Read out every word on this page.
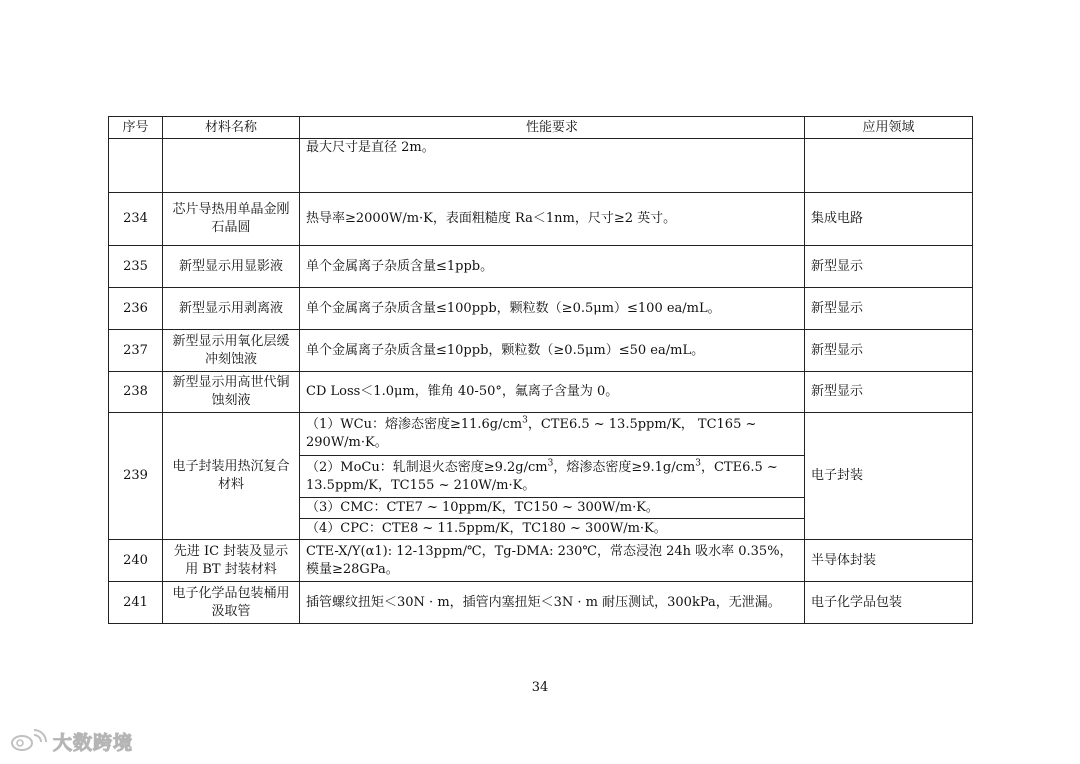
序号	材料名称	性能要求	应用领域
		最大尺寸是直径 2m。	
234	芯片导热用单晶金刚石晶圆	热导率≥2000W/m·K，表面粗糙度 Ra＜1nm，尺寸≥2 英寸。	集成电路
235	新型显示用显影液	单个金属离子杂质含量≤1ppb。	新型显示
236	新型显示用剥离液	单个金属离子杂质含量≤100ppb，颗粒数（≥0.5μm）≤100 ea/mL。	新型显示
237	新型显示用氧化层缓冲刻蚀液	单个金属离子杂质含量≤10ppb，颗粒数（≥0.5μm）≤50 ea/mL。	新型显示
238	新型显示用高世代铜蚀刻液	CD Loss＜1.0μm，锥角 40-50°，氟离子含量为 0。	新型显示
239	电子封装用热沉复合材料	（1）WCu：熔渗态密度$\ge 11.6g/cm^3$，CTE6.5 ~ 13.5ppm/K， TC165 ~ 290W/m·K。	电子封装
		（2）MoCu：轧制退火态密度$\ge 9.2g/cm^3$，熔渗态密度$\ge 9.1g/cm^3$，CTE6.5 ~ 13.5ppm/K，TC155 ~ 210W/m·K。	
		（3）CMC：CTE7 ~ 10ppm/K，TC150 ~ 300W/m·K。	
		（4）CPC：CTE8 ~ 11.5ppm/K，TC180 ~ 300W/m·K。	
240	先进 IC 封装及显示用 BT 封装材料	CTE-X/Y(α1): 12-13ppm/℃，Tg-DMA: 230℃，常态浸泡 24h 吸水率 0.35%，模量≥28GPa。	半导体封装
241	电子化学品包装桶用汲取管	插管螺纹扭矩＜30N · m，插管内塞扭矩＜3N · m 耐压测试，300kPa，无泄漏。	电子化学品包装
34
大数跨境
